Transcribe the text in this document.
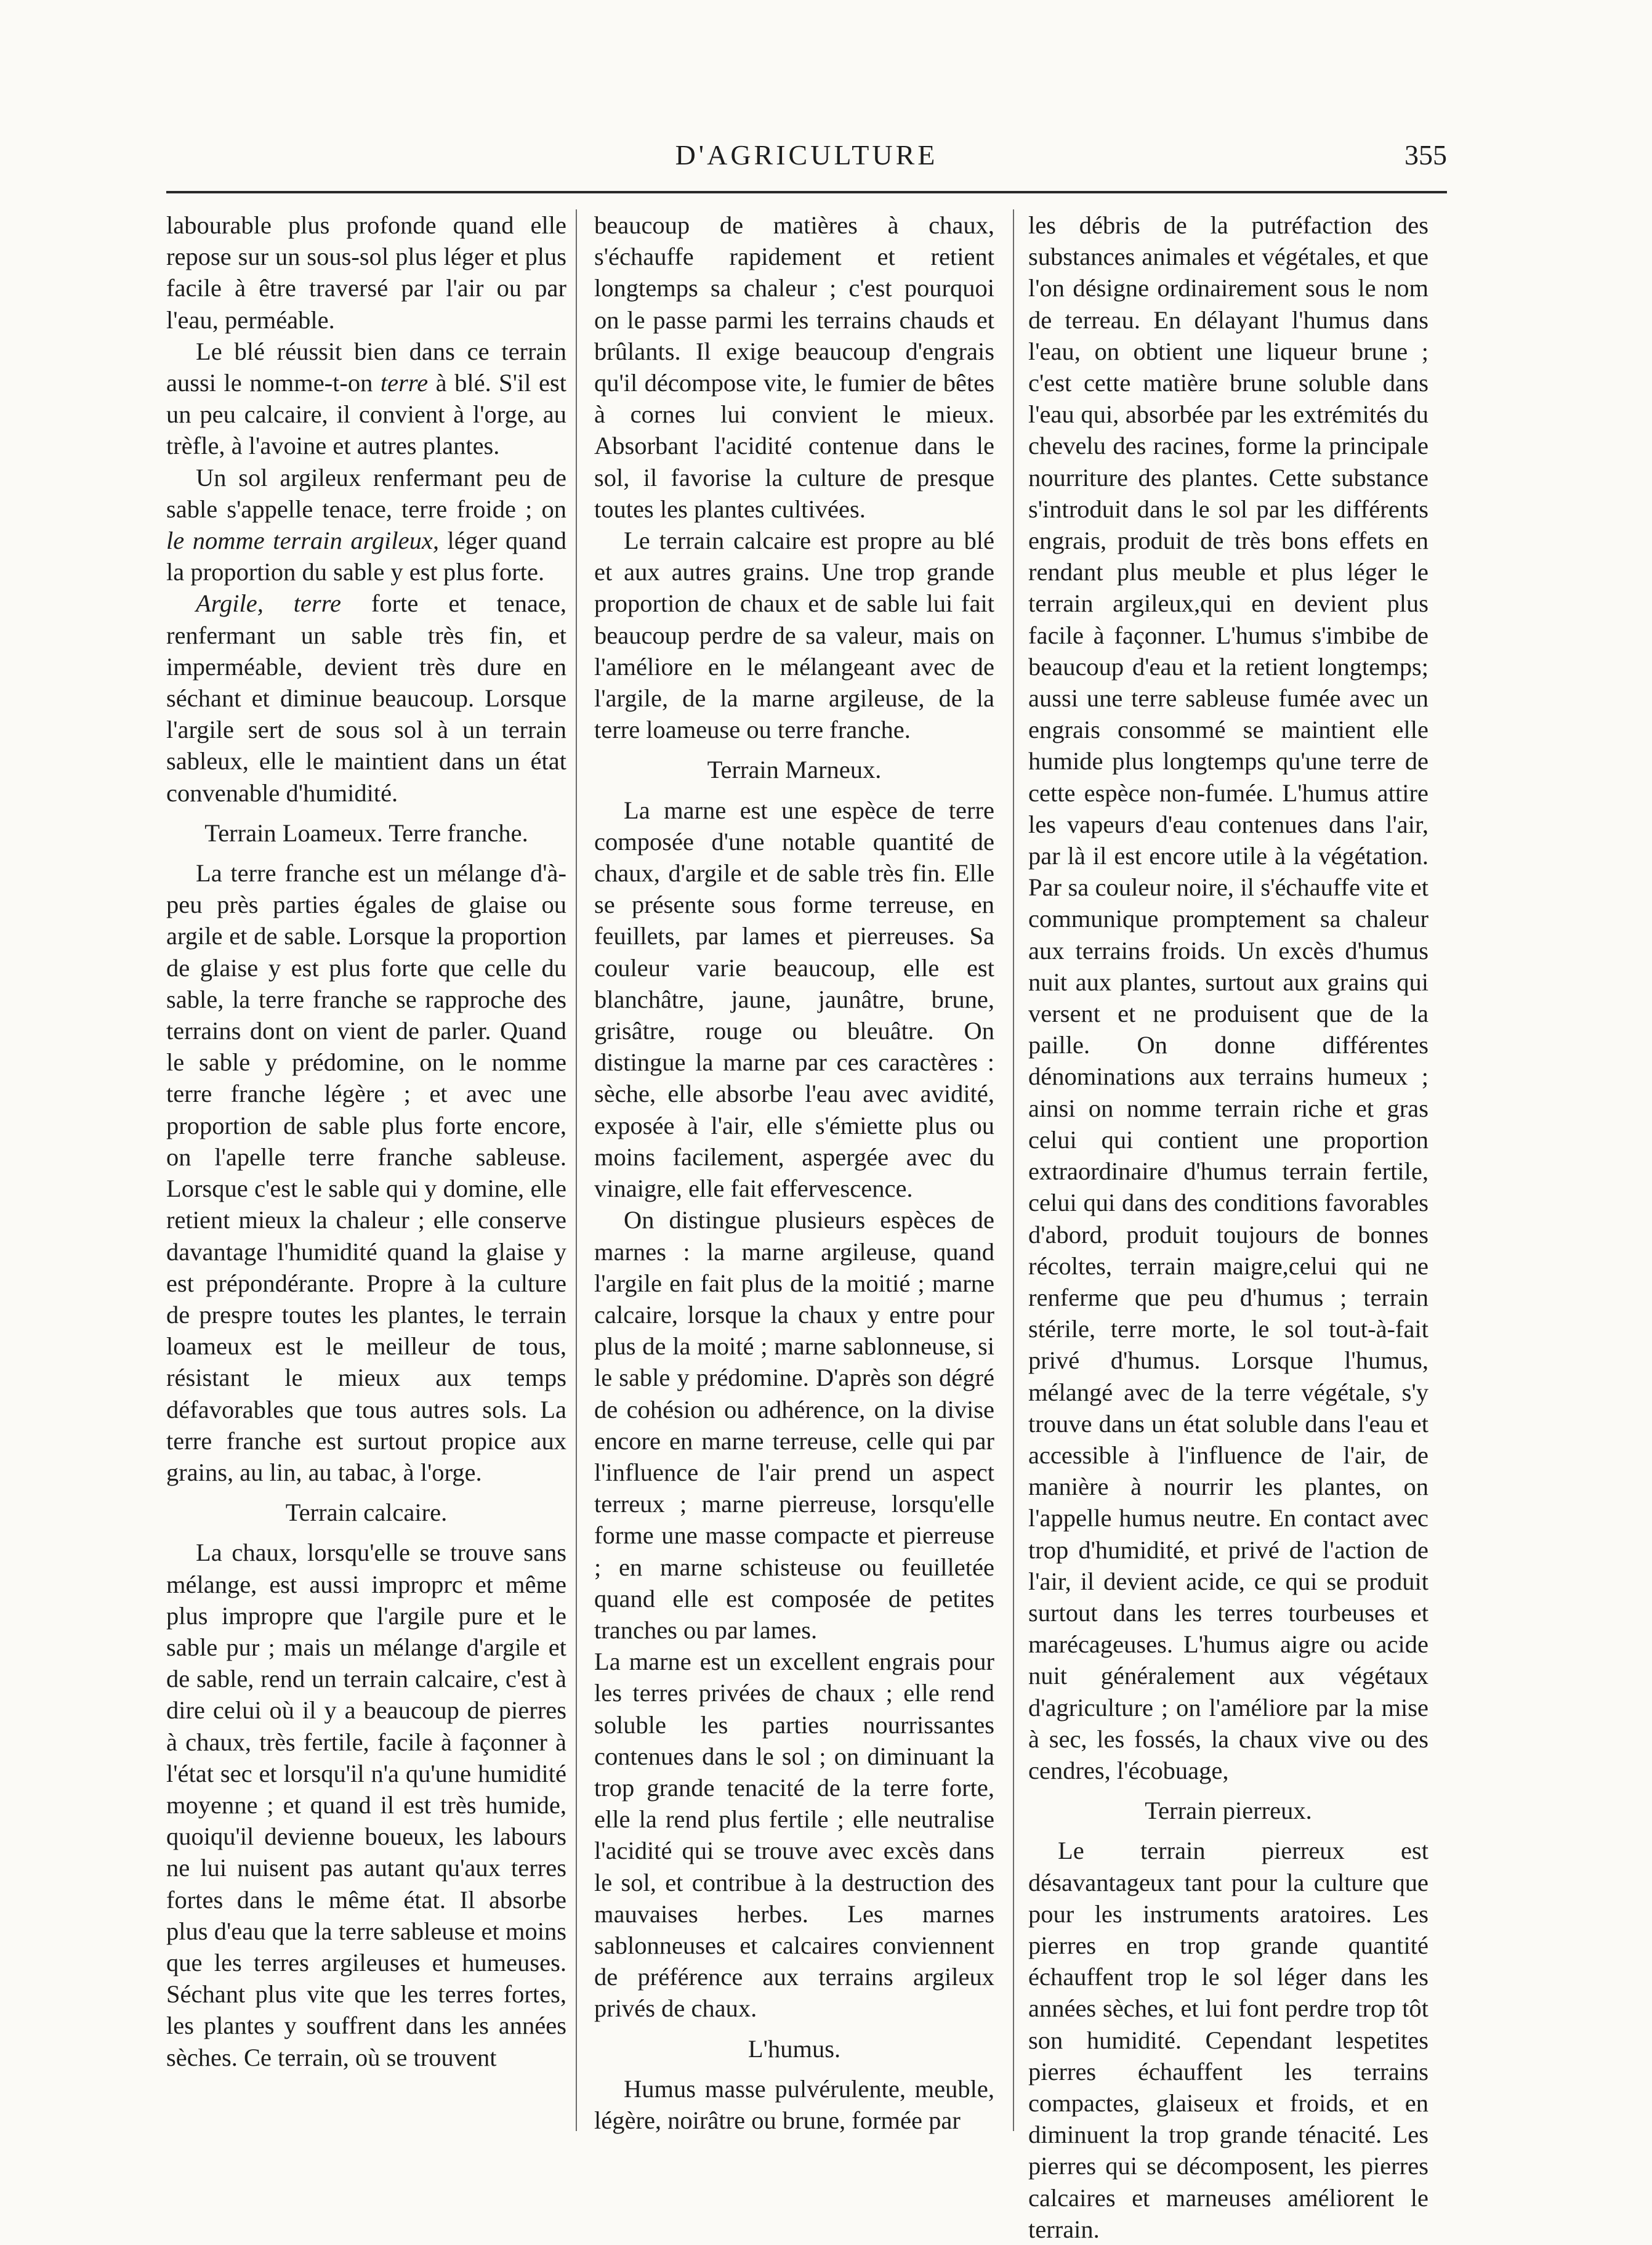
D'AGRICULTURE	355

labourable plus profonde quand elle repose sur un sous-sol plus léger et plus facile à être traversé par l'air ou par l'eau, perméable.

Le blé réussit bien dans ce terrain aussi le nomme-t-on terre à blé. S'il est un peu calcaire, il convient à l'orge, au trèfle, à l'avoine et autres plantes.

Un sol argileux renfermant peu de sable s'appelle tenace, terre froide ; on le nomme terrain argileux, léger quand la proportion du sable y est plus forte.

Argile, terre forte et tenace, renfermant un sable très fin, et imperméable, devient très dure en séchant et diminue beaucoup. Lorsque l'argile sert de sous sol à un terrain sableux, elle le maintient dans un état convenable d'humidité.

Terrain Loameux. Terre franche.

La terre franche est un mélange d'à-peu près parties égales de glaise ou argile et de sable. Lorsque la proportion de glaise y est plus forte que celle du sable, la terre franche se rapproche des terrains dont on vient de parler. Quand le sable y prédomine, on le nomme terre franche légère ; et avec une proportion de sable plus forte encore, on l'apelle terre franche sableuse. Lorsque c'est le sable qui y domine, elle retient mieux la chaleur ; elle conserve davantage l'humidité quand la glaise y est prépondérante. Propre à la culture de prespre toutes les plantes, le terrain loameux est le meilleur de tous, résistant le mieux aux temps défavorables que tous autres sols. La terre franche est surtout propice aux grains, au lin, au tabac, à l'orge.

Terrain calcaire.

La chaux, lorsqu'elle se trouve sans mélange, est aussi improprc et même plus impropre que l'argile pure et le sable pur ; mais un mélange d'argile et de sable, rend un terrain calcaire, c'est à dire celui où il y a beaucoup de pierres à chaux, très fertile, facile à façonner à l'état sec et lorsqu'il n'a qu'une humidité moyenne ; et quand il est très humide, quoiqu'il devienne boueux, les labours ne lui nuisent pas autant qu'aux terres fortes dans le même état. Il absorbe plus d'eau que la terre sableuse et moins que les terres argileuses et humeuses. Séchant plus vite que les terres fortes, les plantes y souffrent dans les années sèches. Ce terrain, où se trouvent

beaucoup de matières à chaux, s'échauffe rapidement et retient longtemps sa chaleur ; c'est pourquoi on le passe parmi les terrains chauds et brûlants. Il exige beaucoup d'engrais qu'il décompose vite, le fumier de bêtes à cornes lui convient le mieux. Absorbant l'acidité contenue dans le sol, il favorise la culture de presque toutes les plantes cultivées.

Le terrain calcaire est propre au blé et aux autres grains. Une trop grande proportion de chaux et de sable lui fait beaucoup perdre de sa valeur, mais on l'améliore en le mélangeant avec de l'argile, de la marne argileuse, de la terre loameuse ou terre franche.

Terrain Marneux.

La marne est une espèce de terre composée d'une notable quantité de chaux, d'argile et de sable très fin. Elle se présente sous forme terreuse, en feuillets, par lames et pierreuses. Sa couleur varie beaucoup, elle est blanchâtre, jaune, jaunâtre, brune, grisâtre, rouge ou bleuâtre. On distingue la marne par ces caractères : sèche, elle absorbe l'eau avec avidité, exposée à l'air, elle s'émiette plus ou moins facilement, aspergée avec du vinaigre, elle fait effervescence.

On distingue plusieurs espèces de marnes : la marne argileuse, quand l'argile en fait plus de la moitié ; marne calcaire, lorsque la chaux y entre pour plus de la moité ; marne sablonneuse, si le sable y prédomine. D'après son dégré de cohésion ou adhérence, on la divise encore en marne terreuse, celle qui par l'influence de l'air prend un aspect terreux ; marne pierreuse, lorsqu'elle forme une masse compacte et pierreuse ; en marne schisteuse ou feuilletée quand elle est composée de petites tranches ou par lames.

La marne est un excellent engrais pour les terres privées de chaux ; elle rend soluble les parties nourrissantes contenues dans le sol ; on diminuant la trop grande tenacité de la terre forte, elle la rend plus fertile ; elle neutralise l'acidité qui se trouve avec excès dans le sol, et contribue à la destruction des mauvaises herbes. Les marnes sablonneuses et calcaires conviennent de préférence aux terrains argileux privés de chaux.

L'humus.

Humus masse pulvérulente, meuble, légère, noirâtre ou brune, formée par

les débris de la putréfaction des substances animales et végétales, et que l'on désigne ordinairement sous le nom de terreau. En délayant l'humus dans l'eau, on obtient une liqueur brune ; c'est cette matière brune soluble dans l'eau qui, absorbée par les extrémités du chevelu des racines, forme la principale nourriture des plantes. Cette substance s'introduit dans le sol par les différents engrais, produit de très bons effets en rendant plus meuble et plus léger le terrain argileux,qui en devient plus facile à façonner. L'humus s'imbibe de beaucoup d'eau et la retient longtemps; aussi une terre sableuse fumée avec un engrais consommé se maintient elle humide plus longtemps qu'une terre de cette espèce non-fumée. L'humus attire les vapeurs d'eau contenues dans l'air, par là il est encore utile à la végétation. Par sa couleur noire, il s'échauffe vite et communique promptement sa chaleur aux terrains froids. Un excès d'humus nuit aux plantes, surtout aux grains qui versent et ne produisent que de la paille. On donne différentes dénominations aux terrains humeux ; ainsi on nomme terrain riche et gras celui qui contient une proportion extraordinaire d'humus terrain fertile, celui qui dans des conditions favorables d'abord, produit toujours de bonnes récoltes, terrain maigre,celui qui ne renferme que peu d'humus ; terrain stérile, terre morte, le sol tout-à-fait privé d'humus. Lorsque l'humus, mélangé avec de la terre végétale, s'y trouve dans un état soluble dans l'eau et accessible à l'influence de l'air, de manière à nourrir les plantes, on l'appelle humus neutre. En contact avec trop d'humidité, et privé de l'action de l'air, il devient acide, ce qui se produit surtout dans les terres tourbeuses et marécageuses. L'humus aigre ou acide nuit généralement aux végétaux d'agriculture ; on l'améliore par la mise à sec, les fossés, la chaux vive ou des cendres, l'écobuage,

Terrain pierreux.

Le terrain pierreux est désavantageux tant pour la culture que pour les instruments aratoires. Les pierres en trop grande quantité échauffent trop le sol léger dans les années sèches, et lui font perdre trop tôt son humidité. Cependant lespetites pierres échauffent les terrains compactes, glaiseux et froids, et en diminuent la trop grande ténacité. Les pierres qui se décomposent, les pierres calcaires et marneuses améliorent le terrain.
